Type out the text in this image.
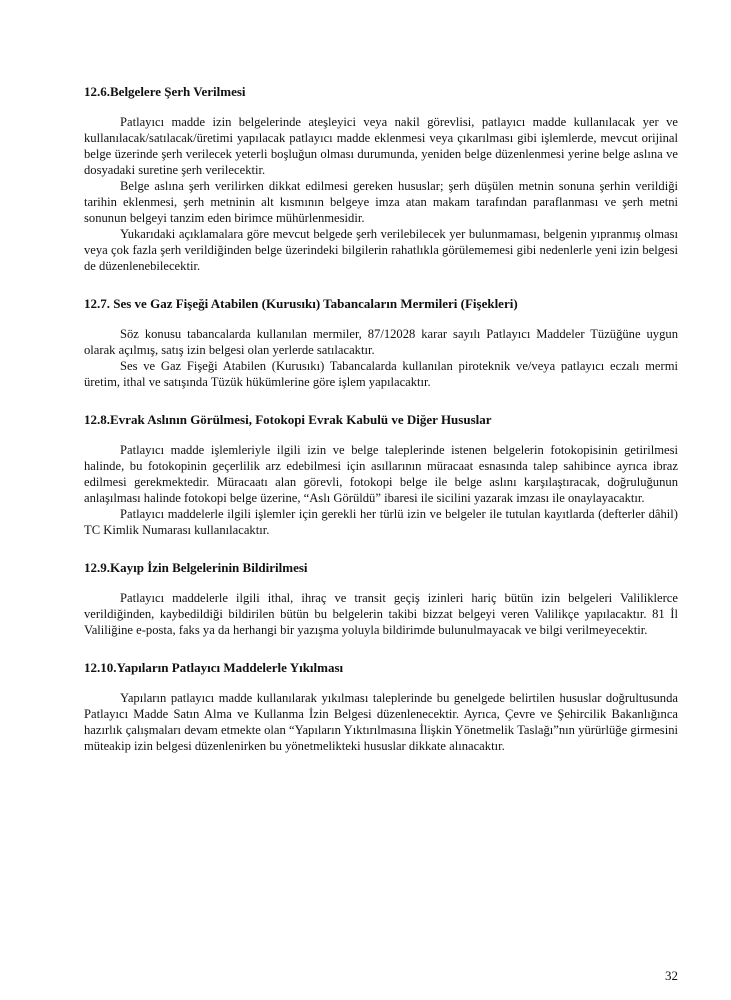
12.6.Belgelere Şerh Verilmesi

Patlayıcı madde izin belgelerinde ateşleyici veya nakil görevlisi, patlayıcı madde kullanılacak yer ve kullanılacak/satılacak/üretimi yapılacak patlayıcı madde eklenmesi veya çıkarılması gibi işlemlerde, mevcut orijinal belge üzerinde şerh verilecek yeterli boşluğun olması durumunda, yeniden belge düzenlenmesi yerine belge aslına ve dosyadaki suretine şerh verilecektir.

Belge aslına şerh verilirken dikkat edilmesi gereken hususlar; şerh düşülen metnin sonuna şerhin verildiği tarihin eklenmesi, şerh metninin alt kısmının belgeye imza atan makam tarafından paraflanması ve şerh metni sonunun belgeyi tanzim eden birimce mühürlenmesidir.

Yukarıdaki açıklamalara göre mevcut belgede şerh verilebilecek yer bulunmaması, belgenin yıpranmış olması veya çok fazla şerh verildiğinden belge üzerindeki bilgilerin rahatlıkla görülememesi gibi nedenlerle yeni izin belgesi de düzenlenebilecektir.

12.7. Ses ve Gaz Fişeği Atabilen (Kurusıkı) Tabancaların Mermileri (Fişekleri)

Söz konusu tabancalarda kullanılan mermiler, 87/12028 karar sayılı Patlayıcı Maddeler Tüzüğüne uygun olarak açılmış, satış izin belgesi olan yerlerde satılacaktır.

Ses ve Gaz Fişeği Atabilen (Kurusıkı) Tabancalarda kullanılan piroteknik ve/veya patlayıcı eczalı mermi üretim, ithal ve satışında Tüzük hükümlerine göre işlem yapılacaktır.

12.8.Evrak Aslının Görülmesi, Fotokopi Evrak Kabulü ve Diğer Hususlar

Patlayıcı madde işlemleriyle ilgili izin ve belge taleplerinde istenen belgelerin fotokopisinin getirilmesi halinde, bu fotokopinin geçerlilik arz edebilmesi için asıllarının müracaat esnasında talep sahibince ayrıca ibraz edilmesi gerekmektedir. Müracaatı alan görevli, fotokopi belge ile belge aslını karşılaştıracak, doğruluğunun anlaşılması halinde fotokopi belge üzerine, “Aslı Görüldü” ibaresi ile sicilini yazarak imzası ile onaylayacaktır.

Patlayıcı maddelerle ilgili işlemler için gerekli her türlü izin ve belgeler ile tutulan kayıtlarda (defterler dâhil) TC Kimlik Numarası kullanılacaktır.

12.9.Kayıp İzin Belgelerinin Bildirilmesi

Patlayıcı maddelerle ilgili ithal, ihraç ve transit geçiş izinleri hariç bütün izin belgeleri Valiliklerce verildiğinden, kaybedildiği bildirilen bütün bu belgelerin takibi bizzat belgeyi veren Valilikçe yapılacaktır. 81 İl Valiliğine e-posta, faks ya da herhangi bir yazışma yoluyla bildirimde bulunulmayacak ve bilgi verilmeyecektir.

12.10.Yapıların Patlayıcı Maddelerle Yıkılması

Yapıların patlayıcı madde kullanılarak yıkılması taleplerinde bu genelgede belirtilen hususlar doğrultusunda Patlayıcı Madde Satın Alma ve Kullanma İzin Belgesi düzenlenecektir. Ayrıca, Çevre ve Şehircilik Bakanlığınca hazırlık çalışmaları devam etmekte olan “Yapıların Yıktırılmasına İlişkin Yönetmelik Taslağı”nın yürürlüğe girmesini müteakip izin belgesi düzenlenirken bu yönetmelikteki hususlar dikkate alınacaktır.

32
